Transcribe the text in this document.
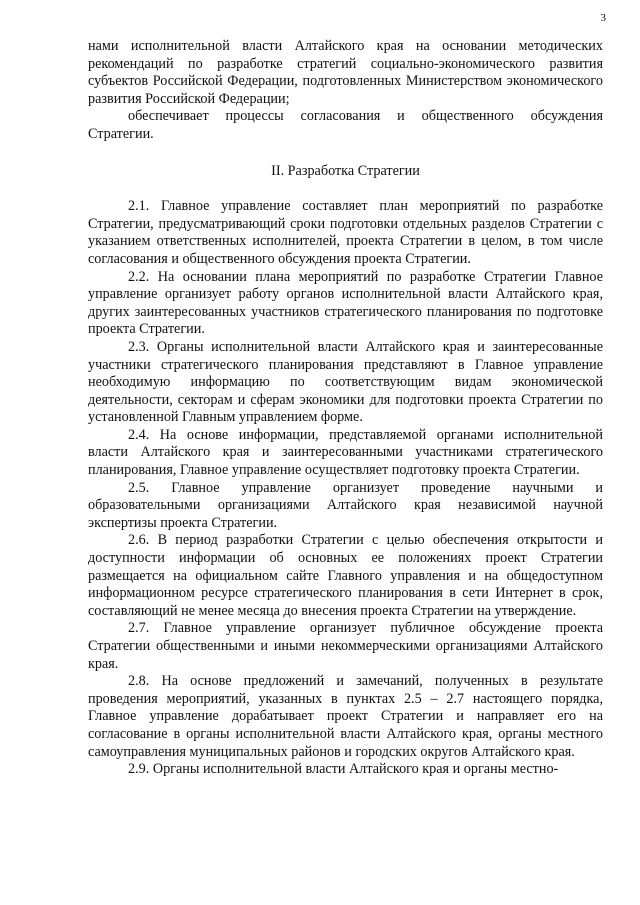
3

нами исполнительной власти Алтайского края на основании методических рекомендаций по разработке стратегий социально-экономического развития субъектов Российской Федерации, подготовленных Министерством экономического развития Российской Федерации;

обеспечивает процессы согласования и общественного обсуждения Стратегии.

II. Разработка Стратегии

2.1. Главное управление составляет план мероприятий по разработке Стратегии, предусматривающий сроки подготовки отдельных разделов Стратегии с указанием ответственных исполнителей, проекта Стратегии в целом, в том числе согласования и общественного обсуждения проекта Стратегии.

2.2. На основании плана мероприятий по разработке Стратегии Главное управление организует работу органов исполнительной власти Алтайского края, других заинтересованных участников стратегического планирования по подготовке проекта Стратегии.

2.3. Органы исполнительной власти Алтайского края и заинтересованные участники стратегического планирования представляют в Главное управление необходимую информацию по соответствующим видам экономической деятельности, секторам и сферам экономики для подготовки проекта Стратегии по установленной Главным управлением форме.

2.4. На основе информации, представляемой органами исполнительной власти Алтайского края и заинтересованными участниками стратегического планирования, Главное управление осуществляет подготовку проекта Стратегии.

2.5. Главное управление организует проведение научными и образовательными организациями Алтайского края независимой научной экспертизы проекта Стратегии.

2.6. В период разработки Стратегии с целью обеспечения открытости и доступности информации об основных ее положениях проект Стратегии размещается на официальном сайте Главного управления и на общедоступном информационном ресурсе стратегического планирования в сети Интернет в срок, составляющий не менее месяца до внесения проекта Стратегии на утверждение.

2.7. Главное управление организует публичное обсуждение проекта Стратегии общественными и иными некоммерческими организациями Алтайского края.

2.8. На основе предложений и замечаний, полученных в результате проведения мероприятий, указанных в пунктах 2.5 – 2.7 настоящего порядка, Главное управление дорабатывает проект Стратегии и направляет его на согласование в органы исполнительной власти Алтайского края, органы местного самоуправления муниципальных районов и городских округов Алтайского края.

2.9. Органы исполнительной власти Алтайского края и органы местно-
